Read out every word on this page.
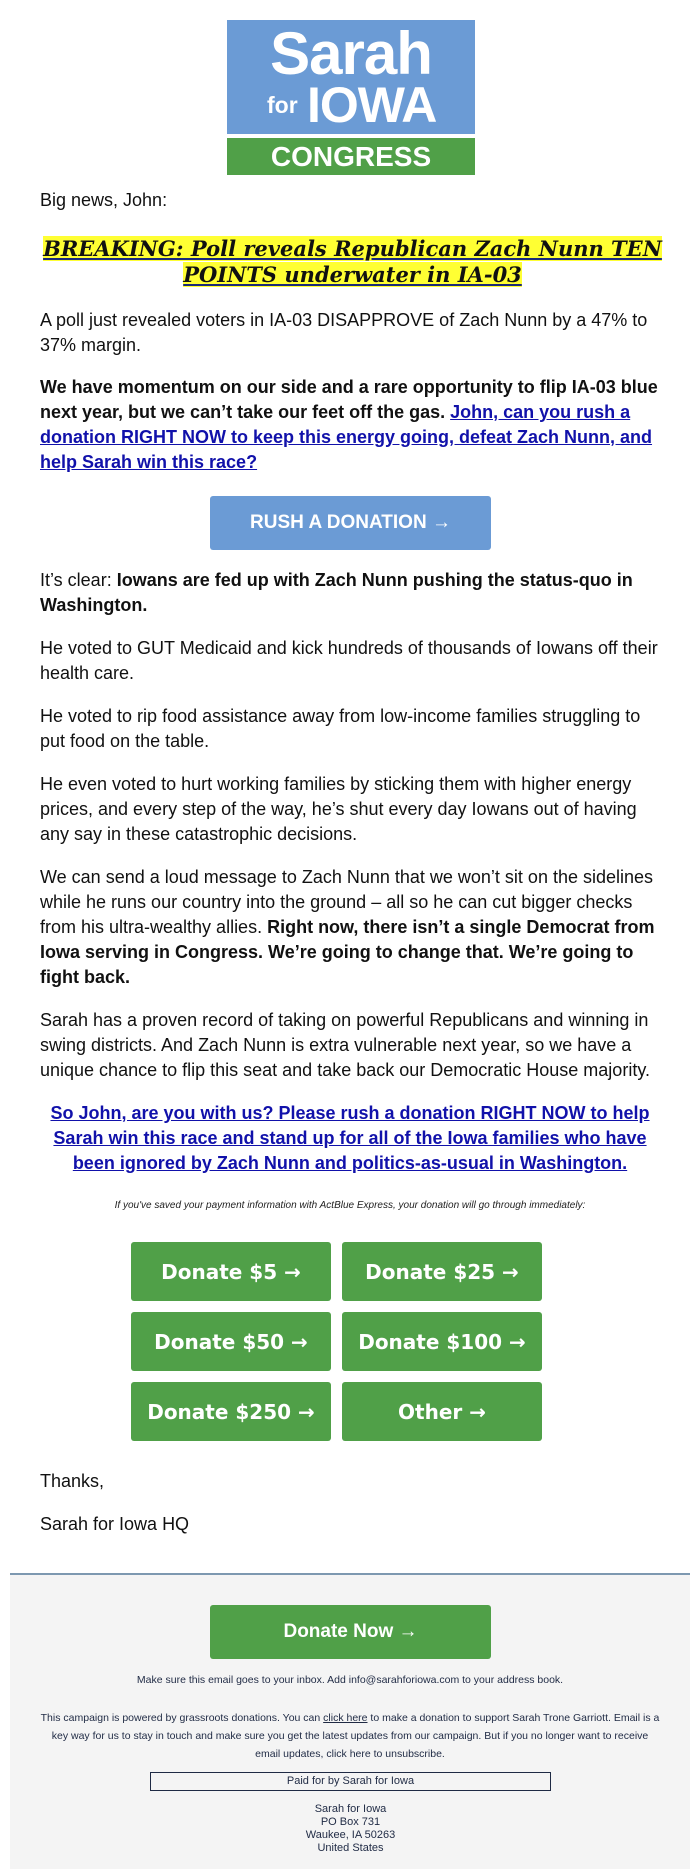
Sarah
for IOWA
CONGRESS
Big news, John:
BREAKING: Poll reveals Republican Zach Nunn TEN
POINTS underwater in IA-03
A poll just revealed voters in IA-03 DISAPPROVE of Zach Nunn by a 47% to 37% margin.
We have momentum on our side and a rare opportunity to flip IA-03 blue next year, but we can’t take our feet off the gas. John, can you rush a donation RIGHT NOW to keep this energy going, defeat Zach Nunn, and help Sarah win this race?
RUSH A DONATION →
It’s clear: Iowans are fed up with Zach Nunn pushing the status-quo in Washington.
He voted to GUT Medicaid and kick hundreds of thousands of Iowans off their health care.
He voted to rip food assistance away from low-income families struggling to put food on the table.
He even voted to hurt working families by sticking them with higher energy prices, and every step of the way, he’s shut every day Iowans out of having any say in these catastrophic decisions.
We can send a loud message to Zach Nunn that we won’t sit on the sidelines while he runs our country into the ground – all so he can cut bigger checks from his ultra-wealthy allies. Right now, there isn’t a single Democrat from Iowa serving in Congress. We’re going to change that. We’re going to fight back.
Sarah has a proven record of taking on powerful Republicans and winning in swing districts. And Zach Nunn is extra vulnerable next year, so we have a unique chance to flip this seat and take back our Democratic House majority.
So John, are you with us? Please rush a donation RIGHT NOW to help Sarah win this race and stand up for all of the Iowa families who have been ignored by Zach Nunn and politics-as-usual in Washington.
If you've saved your payment information with ActBlue Express, your donation will go through immediately:
Donate $5 →	Donate $25 →
Donate $50 →	Donate $100 →
Donate $250 →	Other →
Thanks,
Sarah for Iowa HQ
Donate Now →
Make sure this email goes to your inbox. Add info@sarahforiowa.com to your address book.
This campaign is powered by grassroots donations. You can click here to make a donation to support Sarah Trone Garriott. Email is a key way for us to stay in touch and make sure you get the latest updates from our campaign. But if you no longer want to receive email updates, click here to unsubscribe.
Paid for by Sarah for Iowa
Sarah for Iowa
PO Box 731
Waukee, IA 50263
United States
